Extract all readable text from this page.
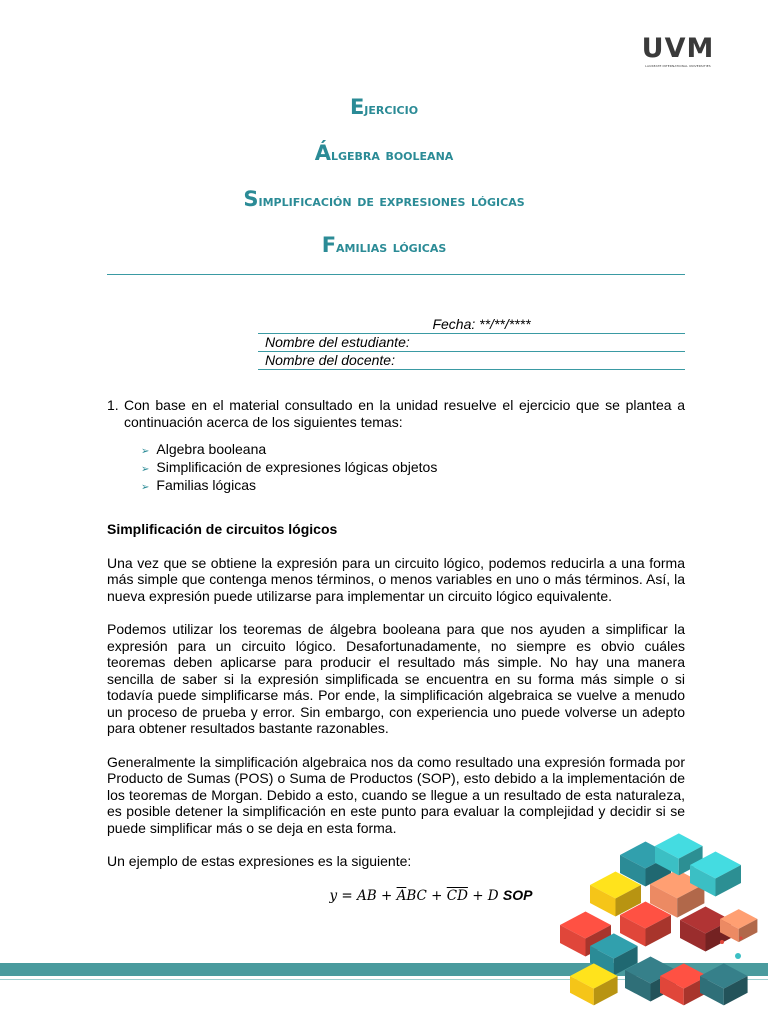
UVM
LAUREATE INTERNATIONAL UNIVERSITIES
Ejercicio
Álgebra booleana
Simplificación de expresiones lógicas
Familias lógicas
Fecha: **/**/****
Nombre del estudiante:
Nombre del docente:
1. Con base en el material consultado en la unidad resuelve el ejercicio que se plantea a continuación acerca de los siguientes temas:
➢ Algebra booleana
➢ Simplificación de expresiones lógicas objetos
➢ Familias lógicas
Simplificación de circuitos lógicos
Una vez que se obtiene la expresión para un circuito lógico, podemos reducirla a una forma más simple que contenga menos términos, o menos variables en uno o más términos. Así, la nueva expresión puede utilizarse para implementar un circuito lógico equivalente.
Podemos utilizar los teoremas de álgebra booleana para que nos ayuden a simplificar la expresión para un circuito lógico. Desafortunadamente, no siempre es obvio cuáles teoremas deben aplicarse para producir el resultado más simple. No hay una manera sencilla de saber si la expresión simplificada se encuentra en su forma más simple o si todavía puede simplificarse más. Por ende, la simplificación algebraica se vuelve a menudo un proceso de prueba y error. Sin embargo, con experiencia uno puede volverse un adepto para obtener resultados bastante razonables.
Generalmente la simplificación algebraica nos da como resultado una expresión formada por Producto de Sumas (POS) o Suma de Productos (SOP), esto debido a la implementación de los teoremas de Morgan. Debido a esto, cuando se llegue a un resultado de esta naturaleza, es posible detener la simplificación en este punto para evaluar la complejidad y decidir si se puede simplificar más o se deja en esta forma.
Un ejemplo de estas expresiones es la siguiente:
y = AB + $\overline{A}BC + \overline{CD} + D$ SOP
